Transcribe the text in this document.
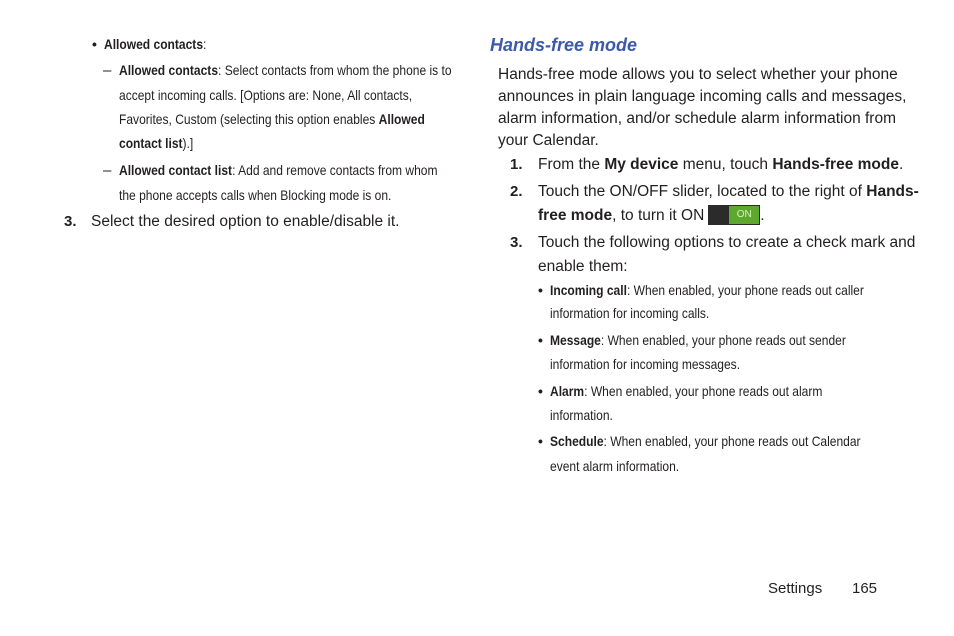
• Allowed contacts:
– Allowed contacts: Select contacts from whom the phone is to
accept incoming calls. [Options are: None, All contacts,
Favorites, Custom (selecting this option enables Allowed
contact list).]
– Allowed contact list: Add and remove contacts from whom
the phone accepts calls when Blocking mode is on.
3. Select the desired option to enable/disable it.
Hands-free mode
Hands-free mode allows you to select whether your phone
announces in plain language incoming calls and messages,
alarm information, and/or schedule alarm information from
your Calendar.
1. From the My device menu, touch Hands-free mode.
2. Touch the ON/OFF slider, located to the right of Hands-
free mode, to turn it ON	ON .
3. Touch the following options to create a check mark and
enable them:
• Incoming call: When enabled, your phone reads out caller
information for incoming calls.
• Message: When enabled, your phone reads out sender
information for incoming messages.
• Alarm: When enabled, your phone reads out alarm
information.
• Schedule: When enabled, your phone reads out Calendar
event alarm information.
Settings 165
